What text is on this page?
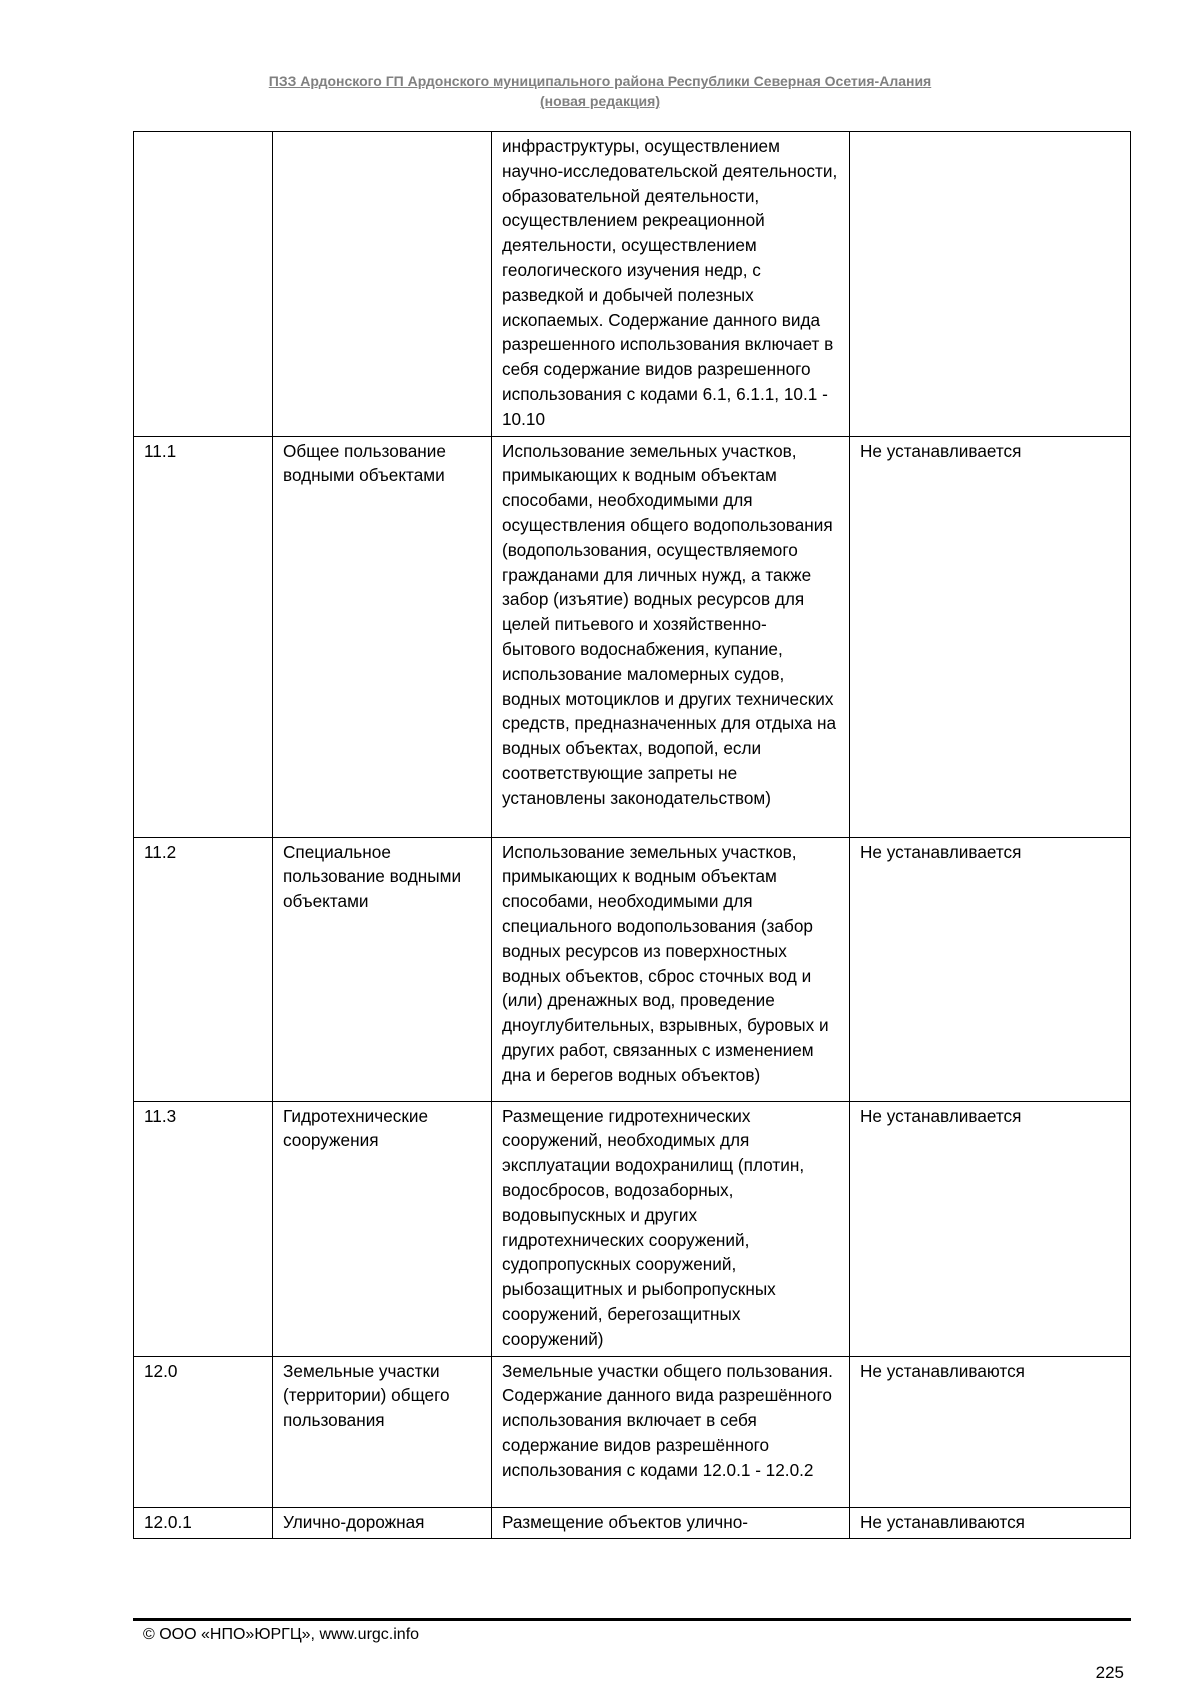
ПЗЗ Ардонского ГП Ардонского муниципального района Республики Северная Осетия-Алания
(новая редакция)
		инфраструктуры, осуществлением научно-исследовательской деятельности, образовательной деятельности, осуществлением рекреационной деятельности, осуществлением геологического изучения недр, с разведкой и добычей полезных ископаемых. Содержание данного вида разрешенного использования включает в себя содержание видов разрешенного использования с кодами 6.1, 6.1.1, 10.1 - 10.10	
11.1	Общее пользование водными объектами	Использование земельных участков, примыкающих к водным объектам способами, необходимыми для осуществления общего водопользования (водопользования, осуществляемого гражданами для личных нужд, а также забор (изъятие) водных ресурсов для целей питьевого и хозяйственно-бытового водоснабжения, купание, использование маломерных судов, водных мотоциклов и других технических средств, предназначенных для отдыха на водных объектах, водопой, если соответствующие запреты не установлены законодательством)	Не устанавливается
11.2	Специальное пользование водными объектами	Использование земельных участков, примыкающих к водным объектам способами, необходимыми для специального водопользования (забор водных ресурсов из поверхностных водных объектов, сброс сточных вод и (или) дренажных вод, проведение дноуглубительных, взрывных, буровых и других работ, связанных с изменением дна и берегов водных объектов)	Не устанавливается
11.3	Гидротехнические сооружения	Размещение гидротехнических сооружений, необходимых для эксплуатации водохранилищ (плотин, водосбросов, водозаборных, водовыпускных и других гидротехнических сооружений, судопропускных сооружений, рыбозащитных и рыбопропускных сооружений, берегозащитных сооружений)	Не устанавливается
12.0	Земельные участки (территории) общего пользования	Земельные участки общего пользования. Содержание данного вида разрешённого использования включает в себя содержание видов разрешённого использования с кодами 12.0.1 - 12.0.2	Не устанавливаются
12.0.1	Улично-дорожная	Размещение объектов улично-	Не устанавливаются
© ООО «НПО»ЮРГЦ», www.urgc.info
225
